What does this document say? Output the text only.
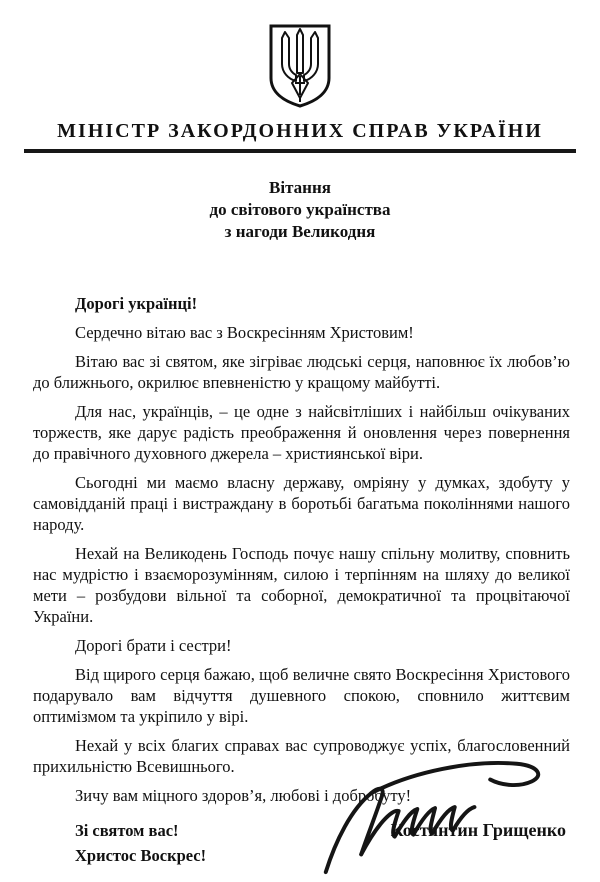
МІНІСТР ЗАКОРДОННИХ СПРАВ УКРАЇНИ
Вітання
до світового українства
з нагоди Великодня

Дорогі українці!

Сердечно вітаю вас з Воскресінням Христовим!

Вітаю вас зі святом, яке зігріває людські серця, наповнює їх любов’ю до ближнього, окрилює впевненістю у кращому майбутті.

Для нас, українців, – це одне з найсвітліших і найбільш очікуваних торжеств, яке дарує радість преображення й оновлення через повернення до правічного духовного джерела – християнської віри.

Сьогодні ми маємо власну державу, омріяну у думках, здобуту у самовідданій праці і вистраждану в боротьбі багатьма поколіннями нашого народу.

Нехай на Великодень Господь почує нашу спільну молитву, сповнить нас мудрістю і взаєморозумінням, силою і терпінням на шляху до великої мети – розбудови вільної та соборної, демократичної та процвітаючої України.

Дорогі брати і сестри!

Від щирого серця бажаю, щоб величне свято Воскресіння Христового подарувало вам відчуття душевного спокою, сповнило життєвим оптимізмом та укріпило у вірі.

Нехай у всіх благих справах вас супроводжує успіх, благословенний прихильністю Всевишнього.

Зичу вам міцного здоров’я, любові і добробуту!

Зі святом вас!

Христос Воскрес!

Костянтин Грищенко
